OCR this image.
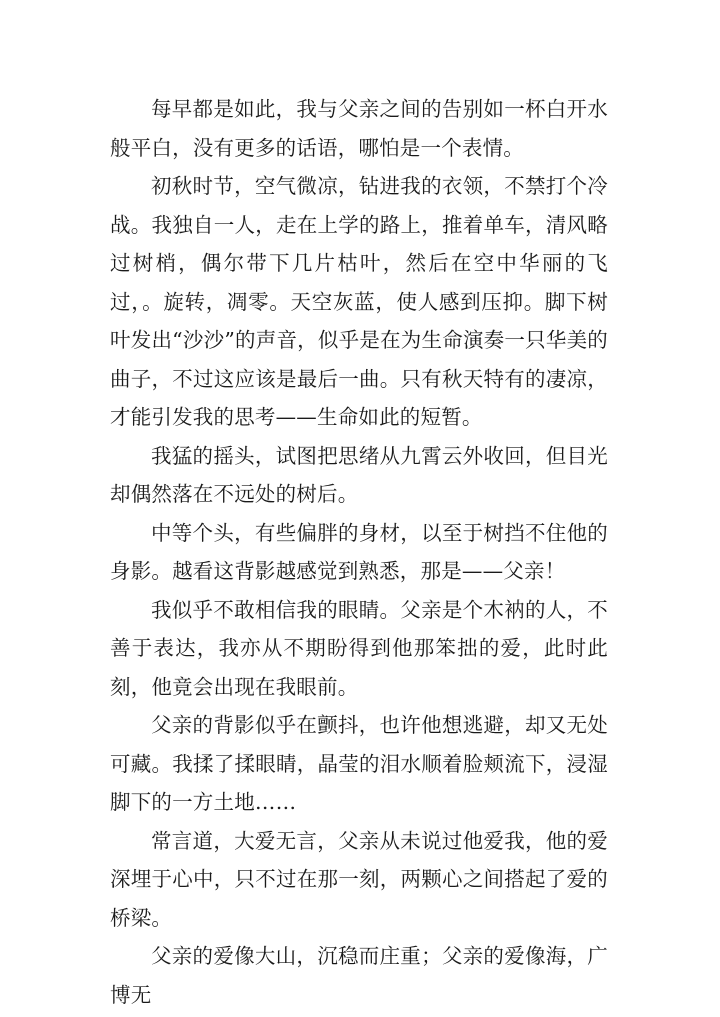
每早都是如此，我与父亲之间的告别如一杯白开水般平白，没有更多的话语，哪怕是一个表情。

初秋时节，空气微凉，钻进我的衣领，不禁打个冷战。我独自一人，走在上学的路上，推着单车，清风略过树梢，偶尔带下几片枯叶，然后在空中华丽的飞过，。旋转，凋零。天空灰蓝，使人感到压抑。脚下树叶发出“沙沙”的声音，似乎是在为生命演奏一只华美的曲子，不过这应该是最后一曲。只有秋天特有的凄凉，才能引发我的思考——生命如此的短暂。

我猛的摇头，试图把思绪从九霄云外收回，但目光却偶然落在不远处的树后。

中等个头，有些偏胖的身材，以至于树挡不住他的身影。越看这背影越感觉到熟悉，那是——父亲！

我似乎不敢相信我的眼睛。父亲是个木衲的人，不善于表达，我亦从不期盼得到他那笨拙的爱，此时此刻，他竟会出现在我眼前。

父亲的背影似乎在颤抖，也许他想逃避，却又无处可藏。我揉了揉眼睛，晶莹的泪水顺着脸颊流下，浸湿脚下的一方土地……

常言道，大爱无言，父亲从未说过他爱我，他的爱深埋于心中，只不过在那一刻，两颗心之间搭起了爱的桥梁。

父亲的爱像大山，沉稳而庄重；父亲的爱像海，广博无
